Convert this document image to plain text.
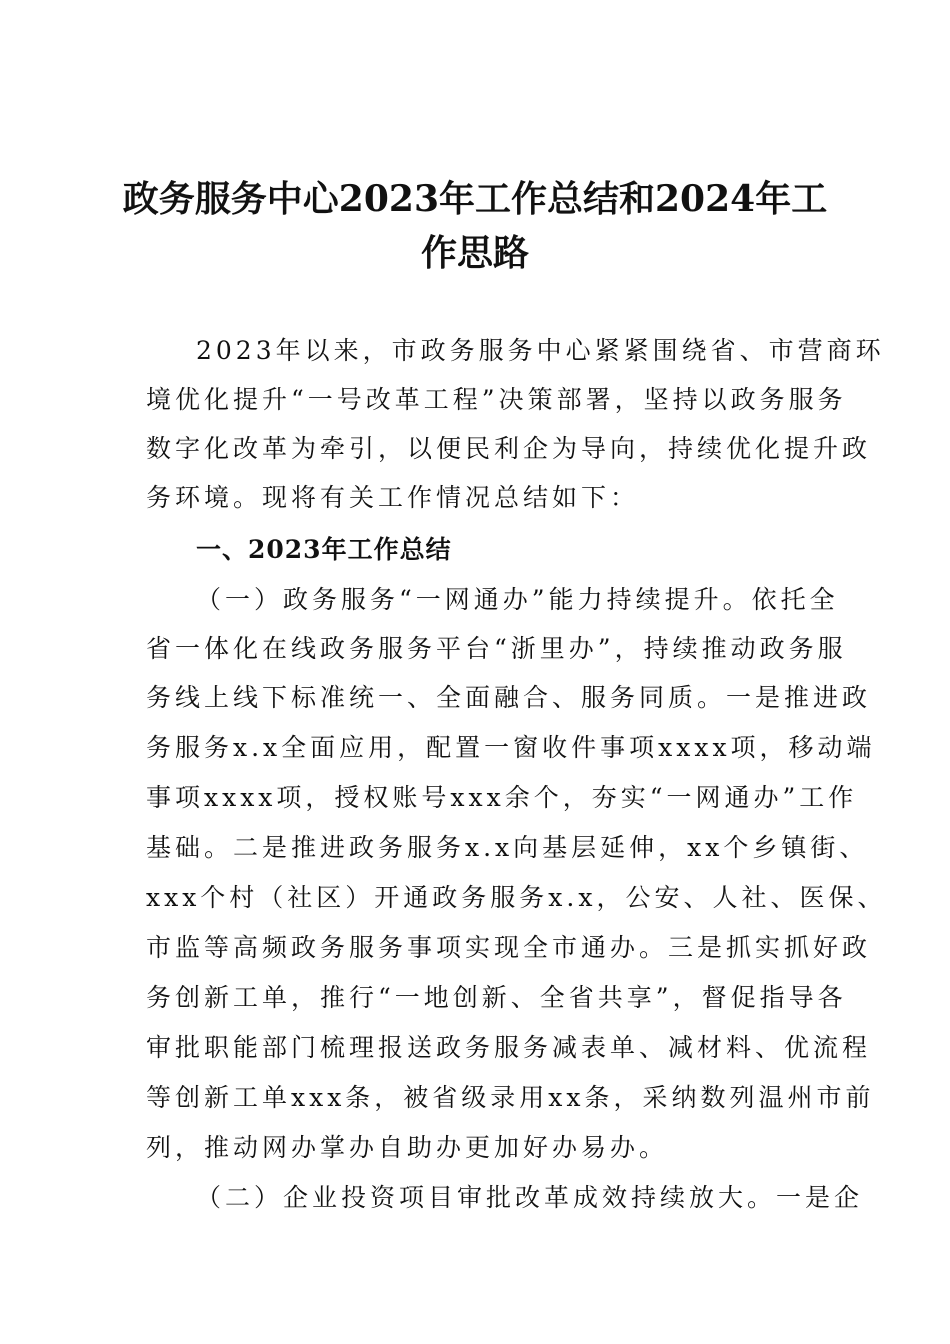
政务服务中心2023年工作总结和2024年工
作思路
2023年以来，市政务服务中心紧紧围绕省、市营商环
境优化提升“一号改革工程”决策部署，坚持以政务服务
数字化改革为牵引，以便民利企为导向，持续优化提升政
务环境。现将有关工作情况总结如下：
一、2023年工作总结
（一）政务服务“一网通办”能力持续提升。依托全
省一体化在线政务服务平台“浙里办”，持续推动政务服
务线上线下标准统一、全面融合、服务同质。一是推进政
务服务x.x全面应用，配置一窗收件事项xxxx项，移动端
事项xxxx项，授权账号xxx余个，夯实“一网通办”工作
基础。二是推进政务服务x.x向基层延伸，xx个乡镇街、
xxx个村（社区）开通政务服务x.x，公安、人社、医保、
市监等高频政务服务事项实现全市通办。三是抓实抓好政
务创新工单，推行“一地创新、全省共享”，督促指导各
审批职能部门梳理报送政务服务减表单、减材料、优流程
等创新工单xxx条，被省级录用xx条，采纳数列温州市前
列，推动网办掌办自助办更加好办易办。
（二）企业投资项目审批改革成效持续放大。一是企
